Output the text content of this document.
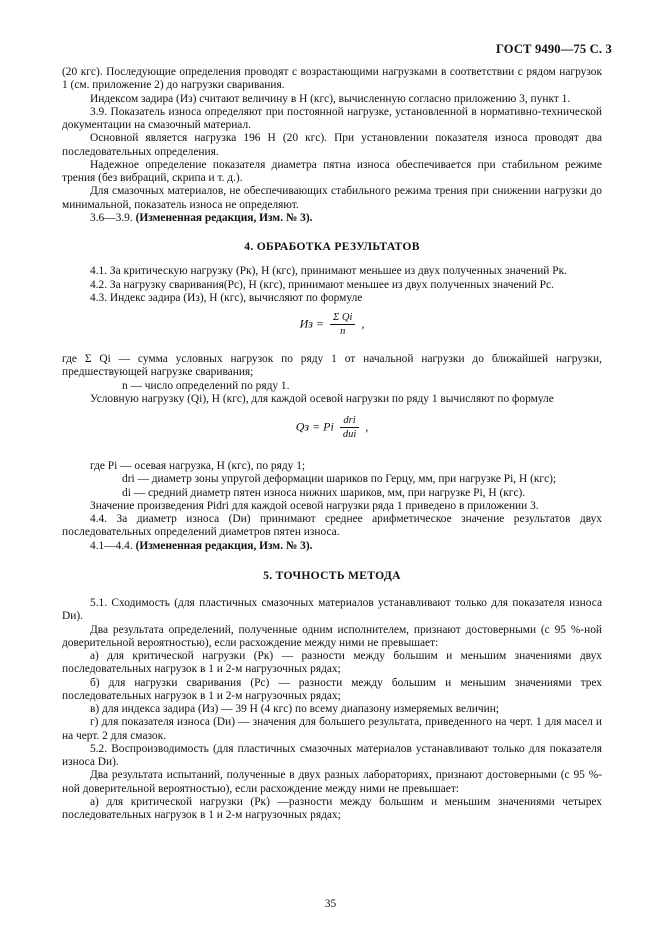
ГОСТ 9490—75 С. 3

(20 кгс). Последующие определения проводят с возрастающими нагрузками в соответствии с рядом нагрузок 1 (см. приложение 2) до нагрузки сваривания.

Индексом задира (Из) считают величину в Н (кгс), вычисленную согласно приложению 3, пункт 1.

3.9. Показатель износа определяют при постоянной нагрузке, установленной в нормативно-технической документации на смазочный материал.

Основной является нагрузка 196 Н (20 кгс). При установлении показателя износа проводят два последовательных определения.

Надежное определение показателя диаметра пятна износа обеспечивается при стабильном режиме трения (без вибраций, скрипа и т. д.).

Для смазочных материалов, не обеспечивающих стабильного режима трения при снижении нагрузки до минимальной, показатель износа не определяют.

3.6—3.9. (Измененная редакция, Изм. № 3).

4. ОБРАБОТКА РЕЗУЛЬТАТОВ

4.1. За критическую нагрузку (Рк), Н (кгс), принимают меньшее из двух полученных значений Рк.

4.2. За нагрузку сваривания(Рс), Н (кгс), принимают меньшее из двух полученных значений Рс.

4.3. Индекс задира (Из), Н (кгс), вычисляют по формуле

Из = $\frac{\text{Σ Qi}}{n}$ ,

где Σ Qi — сумма условных нагрузок по ряду 1 от начальной нагрузки до ближайшей нагрузки, предшествующей нагрузке сваривания;

n — число определений по ряду 1.

Условную нагрузку (Qi), Н (кгс), для каждой осевой нагрузки по ряду 1 вычисляют по формуле

Qз = Pi $\frac{\text{dri}}{\text{dиi}}$ ,

где Pi — осевая нагрузка, Н (кгс), по ряду 1;

dri — диаметр зоны упругой деформации шариков по Герцу, мм, при нагрузке Pi, Н (кгс);

di — средний диаметр пятен износа нижних шариков, мм, при нагрузке Pi, Н (кгс).

Значение произведения Pidri для каждой осевой нагрузки ряда 1 приведено в приложении 3.

4.4. За диаметр износа (Dи) принимают среднее арифметическое значение результатов двух последовательных определений диаметров пятен износа.

4.1—4.4. (Измененная редакция, Изм. № 3).

5. ТОЧНОСТЬ МЕТОДА

5.1. Сходимость (для пластичных смазочных материалов устанавливают только для показателя износа Dи).

Два результата определений, полученные одним исполнителем, признают достоверными (с 95 %-ной доверительной вероятностью), если расхождение между ними не превышает:

а) для критической нагрузки (Рк) — разности между большим и меньшим значениями двух последовательных нагрузок в 1 и 2-м нагрузочных рядах;

б) для нагрузки сваривания (Рс) — разности между большим и меньшим значениями трех последовательных нагрузок в 1 и 2-м нагрузочных рядах;

в) для индекса задира (Из) — 39 Н (4 кгс) по всему диапазону измеряемых величин;

г) для показателя износа (Dи) — значения для большего результата, приведенного на черт. 1 для масел и на черт. 2 для смазок.

5.2. Воспроизводимость (для пластичных смазочных материалов устанавливают только для показателя износа Dи).

Два результата испытаний, полученные в двух разных лабораториях, признают достоверными (с 95 %-ной доверительной вероятностью), если расхождение между ними не превышает:

а) для критической нагрузки (Рк) —разности между большим и меньшим значениями четырех последовательных нагрузок в 1 и 2-м нагрузочных рядах;

35
